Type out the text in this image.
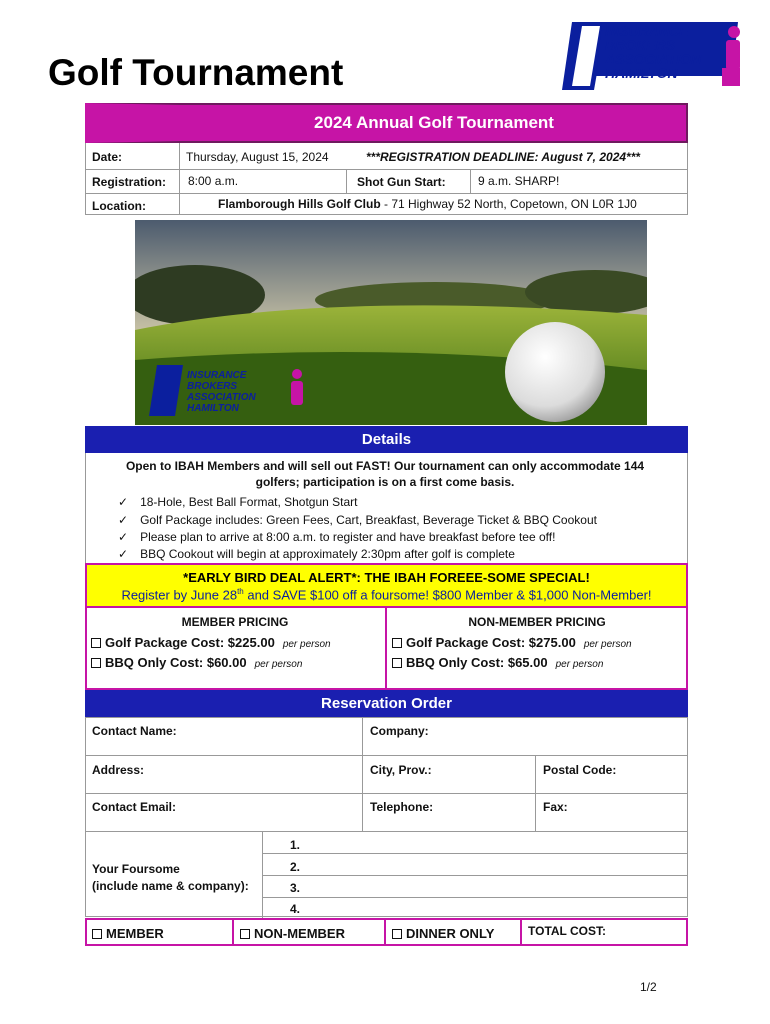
Golf Tournament
INSURANCE
BROKERS
ASSOCIATION
HAMILTON
2024 Annual Golf Tournament
Date:	Thursday, August 15, 2024	***REGISTRATION DEADLINE: August 7, 2024***
Registration: 8:00 a.m.	Shot Gun Start:	9 a.m. SHARP!
Location:	Flamborough Hills Golf Club - 71 Highway 52 North, Copetown, ON L0R 1J0
INSURANCE
BROKERS
ASSOCIATION
HAMILTON
Details
Open to IBAH Members and will sell out FAST! Our tournament can only accommodate 144 golfers; participation is on a first come basis.
✓ 18-Hole, Best Ball Format, Shotgun Start
✓ Golf Package includes: Green Fees, Cart, Breakfast, Beverage Ticket & BBQ Cookout
✓ Please plan to arrive at 8:00 a.m. to register and have breakfast before tee off!
✓ BBQ Cookout will begin at approximately 2:30pm after golf is complete
*EARLY BIRD DEAL ALERT*: THE IBAH FOREEE-SOME SPECIAL!
Register by June 28th and SAVE $100 off a foursome! $800 Member & $1,000 Non-Member!
MEMBER PRICING	NON-MEMBER PRICING
Golf Package Cost: $225.00 per person
BBQ Only Cost: $60.00 per person
Golf Package Cost: $275.00 per person
BBQ Only Cost: $65.00 per person
Reservation Order
Contact Name:	Company:
Address:	City, Prov.:	Postal Code:
Contact Email:	Telephone:	Fax:
Your Foursome
(include name & company):
1.
2.
3.
4.
MEMBER	NON-MEMBER	DINNER ONLY	TOTAL COST:
1/2
